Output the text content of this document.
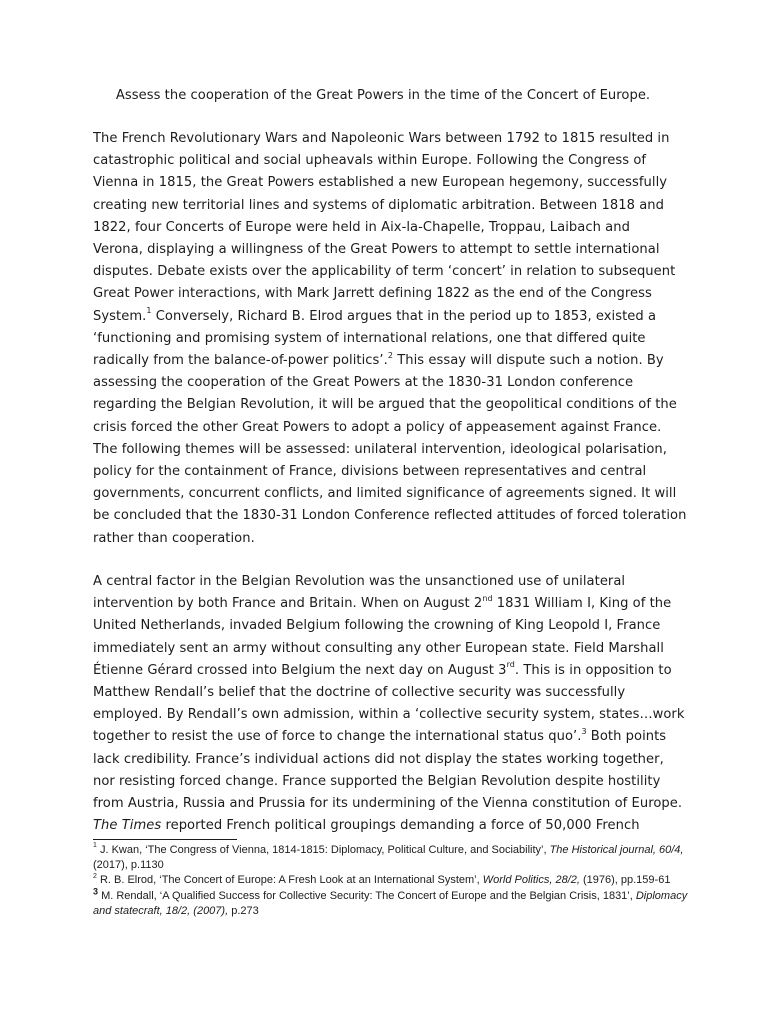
Assess the cooperation of the Great Powers in the time of the Concert of Europe.
The French Revolutionary Wars and Napoleonic Wars between 1792 to 1815 resulted in
catastrophic political and social upheavals within Europe. Following the Congress of
Vienna in 1815, the Great Powers established a new European hegemony, successfully
creating new territorial lines and systems of diplomatic arbitration. Between 1818 and
1822, four Concerts of Europe were held in Aix-la-Chapelle, Troppau, Laibach and
Verona, displaying a willingness of the Great Powers to attempt to settle international
disputes. Debate exists over the applicability of term ‘concert’ in relation to subsequent
Great Power interactions, with Mark Jarrett defining 1822 as the end of the Congress
System.$^1$ Conversely, Richard B. Elrod argues that in the period up to 1853, existed a
‘functioning and promising system of international relations, one that differed quite
radically from the balance-of-power politics’.$^2$ This essay will dispute such a notion. By
assessing the cooperation of the Great Powers at the 1830-31 London conference
regarding the Belgian Revolution, it will be argued that the geopolitical conditions of the
crisis forced the other Great Powers to adopt a policy of appeasement against France.
The following themes will be assessed: unilateral intervention, ideological polarisation,
policy for the containment of France, divisions between representatives and central
governments, concurrent conflicts, and limited significance of agreements signed. It will
be concluded that the 1830-31 London Conference reflected attitudes of forced toleration
rather than cooperation.
A central factor in the Belgian Revolution was the unsanctioned use of unilateral
intervention by both France and Britain. When on August 2nd 1831 William I, King of the
United Netherlands, invaded Belgium following the crowning of King Leopold I, France
immediately sent an army without consulting any other European state. Field Marshall
Étienne Gérard crossed into Belgium the next day on August 3rd. This is in opposition to
Matthew Rendall’s belief that the doctrine of collective security was successfully
employed. By Rendall’s own admission, within a ‘collective security system, states…work
together to resist the use of force to change the international status quo’.$^3$ Both points
lack credibility. France’s individual actions did not display the states working together,
nor resisting forced change. France supported the Belgian Revolution despite hostility
from Austria, Russia and Prussia for its undermining of the Vienna constitution of Europe.
The Times reported French political groupings demanding a force of 50,000 French
$^1$ J. Kwan, ‘The Congress of Vienna, 1814-1815: Diplomacy, Political Culture, and Sociability’, The Historical journal, 60/4, (2017), p.1130
$^2$ R. B. Elrod, ‘The Concert of Europe: A Fresh Look at an International System’, World Politics, 28/2, (1976), pp.159-61
$^3$ M. Rendall, ‘A Qualified Success for Collective Security: The Concert of Europe and the Belgian Crisis, 1831’, Diplomacy and statecraft, 18/2, (2007), p.273
